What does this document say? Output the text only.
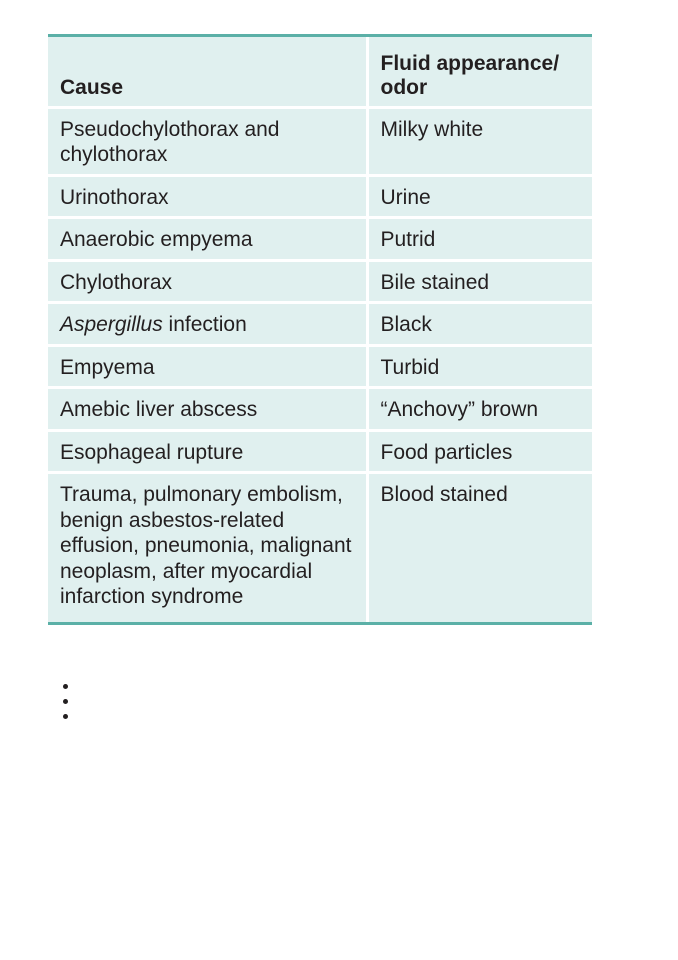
Cause	Fluid appearance/ odor

Pseudochylothorax and chylothorax	Milky white
Urinothorax	Urine
Anaerobic empyema	Putrid
Chylothorax	Bile stained
Aspergillus infection	Black
Empyema	Turbid
Amebic liver abscess	“Anchovy” brown
Esophageal rupture	Food particles
Trauma, pulmonary embolism, benign asbestos-related effusion, pneumonia, malignant neoplasm, after myocardial infarction syndrome	Blood stained
